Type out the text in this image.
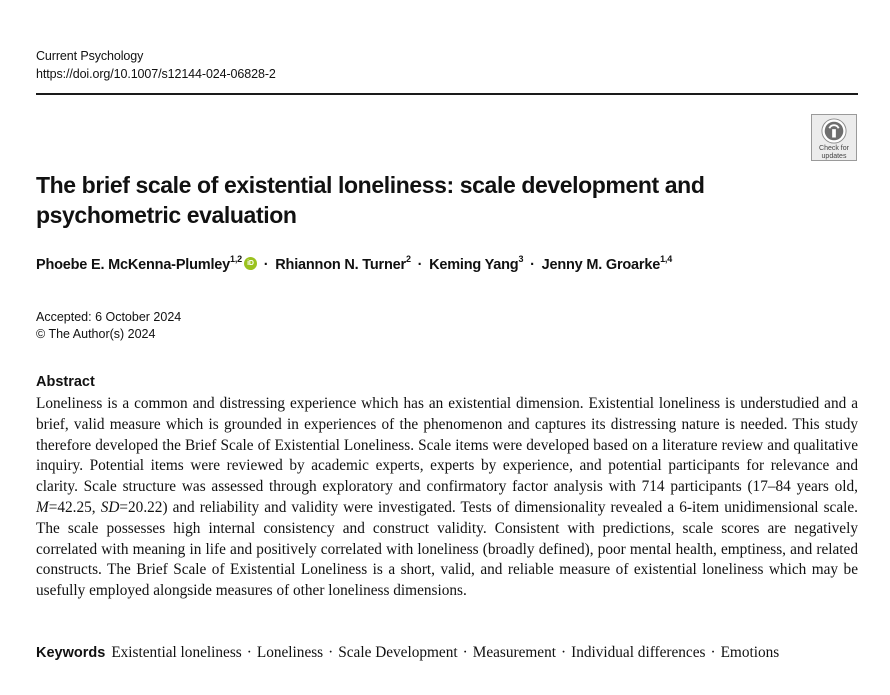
Current Psychology
https://doi.org/10.1007/s12144-024-06828-2
Check for
updates
The brief scale of existential loneliness: scale development and
psychometric evaluation
Phoebe E. McKenna-Plumley$^{1,2}$ iD · Rhiannon N. Turner$^2$ · Keming Yang$^3$ · Jenny M. Groarke$^{1,4}$
Accepted: 6 October 2024
© The Author(s) 2024
Abstract
Loneliness is a common and distressing experience which has an existential dimension. Existential loneliness is understudied and a brief, valid measure which is grounded in experiences of the phenomenon and captures its distressing nature is needed. This study therefore developed the Brief Scale of Existential Loneliness. Scale items were developed based on a literature review and qualitative inquiry. Potential items were reviewed by academic experts, experts by experience, and potential participants for relevance and clarity. Scale structure was assessed through exploratory and confirmatory factor analysis with 714 participants (17–84 years old, M=42.25, SD=20.22) and reliability and validity were investigated. Tests of dimensionality revealed a 6-item unidimensional scale. The scale possesses high internal consistency and construct validity. Consistent with predictions, scale scores are negatively correlated with meaning in life and positively correlated with loneliness (broadly defined), poor mental health, emptiness, and related constructs. The Brief Scale of Existential Loneliness is a short, valid, and reliable measure of existential loneliness which may be usefully employed alongside measures of other loneliness dimensions.
Keywords Existential loneliness · Loneliness · Scale Development · Measurement · Individual differences · Emotions
